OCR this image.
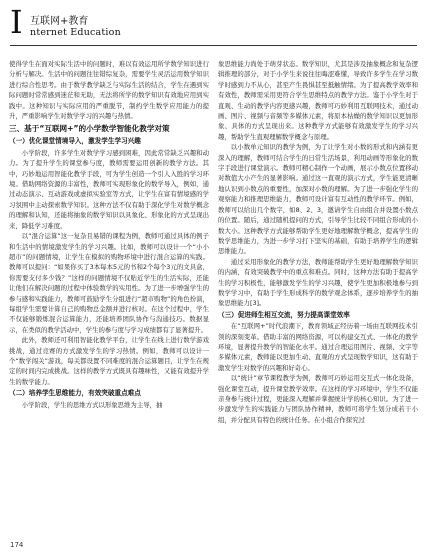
I 互联网+教育
nternet Education

使得学生在面对实际生活中的问题时，难以有效运用所学数学知识进行分析与解决。生活中的问题往往错综复杂，需要学生灵活运用数学知识进行综合性思考。由于数学教学缺乏与实际生活的结合，学生在遇到实际问题时常常感到迷茫和无助，无法将所学的数学知识有效地应用到实践中。这种知识与实际应用的严重脱节，制约学生数学应用能力的提升，严重影响学生对数学学习的兴趣与热情。

三、基于“互联网+”的小学数学智能化教学对策
（一）优化课堂情境导入，激发学生学习兴趣

小学阶段，许多学生对数学学习感到困难，因此常常缺乏兴趣和动力。为了提升学生的课堂参与度，教师需要运用创新的教学方法。其中，巧妙地运用智能化教学手段，可为学生创造一个引人入胜的学习环境。借助网络资源的丰富性，教师可实现形象化的数学导入，例如，通过动态演示、互动游戏或虚拟实验室等方式，让学生在富有情境感的学习氛围中主动探索数学知识。这种方法不仅有助于深化学生对数学概念的理解和认知，还能将抽象的数学知识以具象化、形象化的方式呈现出来，降低学习难度。

以“混合运算”这一复杂且易错的课程为例，教师可通过具体的例子和生活中的情境激发学生的学习兴趣。比如，教师可以设计一个“小小超市”的问题情境，让学生在模拟的购物环境中进行混合运算的实践。教师可以提问：“如果你买了3本每本5元的书和2个每个3元的文具盒，你需要支付多少钱？”这样的问题情境不仅贴近学生的生活实际，还能让他们在解决问题的过程中体验数学的实用性。为了进一步增强学生的参与感和实践能力，教师可鼓励学生分组进行“超市购物”的角色扮演，每组学生需要计算自己的购物总金额并进行核对。在这个过程中，学生不仅能够锻炼混合运算能力，还能培养团队协作与沟通技巧。数据显示，在类似的教学活动中，学生的参与度与学习成绩都有了显著提升。

此外，教师还可利用智能化教学平台，让学生在线上进行数学游戏挑战，通过竞赛的方式激发学生的学习热情。例如，教师可以设计一个“数学闯关”游戏，每关都设置不同难度的混合运算题目，让学生在规定的时间内完成挑战。这样的教学方式既具有趣味性，又能有效提升学生的数学能力。

（二）培养学生思维能力，有效突破重点难点

小学阶段，学生的思维方式以形象思维为主导，抽

象思维能力尚处于萌芽状态。数学知识，尤其是涉及抽象概念和复杂逻辑推理的部分，对于小学生来说往往晦涩难懂，导致许多学生在学习数学时感到力不从心，甚至产生畏惧甚至抵触情绪。为了提高教学效率和有效性，教师需采用更符合学生思维特点的教学方法。鉴于小学生对于直观、生动的教学内容更感兴趣，教师可巧妙利用互联网技术，通过动画、图片、视频与音频等多媒体元素，将原本枯燥的数学知识以更加形象、具体的方式呈现出来。这种教学方式能够有效激发学生的学习兴趣，帮助学生直观理解数学概念与原理。

以小数单元知识的教学为例，为了让学生对小数的形式和内涵有更深入的理解，教师可结合学生的日常生活场景，利用动画等形象化的数字手段进行课堂演示。教师可精心制作一个动画，展示小数点位置移动对数值大小产生的显著影响。通过这一直观的演示方式，学生能更清晰地认识到小数点的重要性，加深对小数的理解。为了进一步强化学生的观察能力和推理思维能力，教师可设计富有互动性的教学环节。例如，教师可以给出几个数字，如8、2、3，邀请学生自由组合并设置小数点的位置。随后，通过随机提问的方式，引导学生比较不同组合形成的小数大小。这种教学方式能够帮助学生更好地理解数学概念，提高学生的数学思维能力，为进一步学习打下坚实的基础，有助于培养学生的逻辑思维能力。

通过采用形象化的教学方法，教师能帮助学生更好地理解数学知识的内涵，有效突破教学中的重点和难点。同时，这种方法有助于提高学生的学习积极性，能够激发学生的学习兴趣，使学生更加积极地参与到数学学习中，有助于学生形成科学的数学观念体系，逐步培养学生的抽象思维能力[3]。

（三）促进师生相互交流，努力提高课堂效率

在“互联网+”时代浪潮下，教育领域正经历着一场由互联网技术引领的深刻变革。借助丰富的网络资源，可以构建交互式、一体化的教学环境，显著提升教学的智能化水平。通过合理运用图片、视频、文字等多媒体元素，教师能以更加生动、直观的方式呈现数学知识，这有助于激发学生对数学的兴趣和好奇心。

以“统计”章节课程教学为例，教师可巧妙运用交互式一体化设备，强化课堂互动，提升课堂教学效率。在这样的学习环境中，学生不仅能亲身参与统计过程，更能深入理解并掌握统计学的核心知识。为了进一步激发学生的实践能力与团队协作精神，教师可将学生划分成若干小组，并分配具有特色的统计任务。在小组合作探究过

174
